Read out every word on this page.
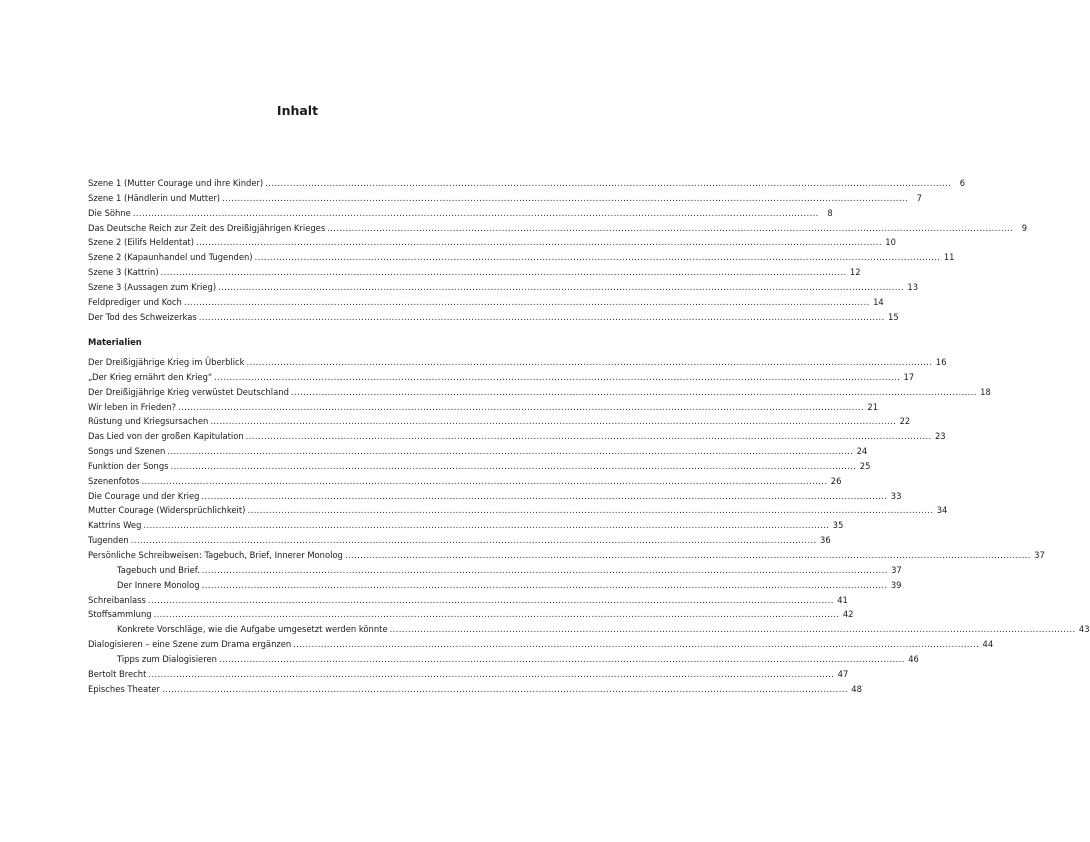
Inhalt
Szene 1 (Mutter Courage und ihre Kinder) .....	6
Szene 1 (Händlerin und Mutter) .....	7
Die Söhne .....	8
Das Deutsche Reich zur Zeit des Dreißigjährigen Krieges .....	9
Szene 2 (Eilifs Heldentat) .....	10
Szene 2 (Kapaunhandel und Tugenden) .....	11
Szene 3 (Kattrin) .....	12
Szene 3 (Aussagen zum Krieg) .....	13
Feldprediger und Koch .....	14
Der Tod des Schweizerkas .....	15
Materialien
Der Dreißigjährige Krieg im Überblick .....	16
„Der Krieg ernährt den Krieg“ .....	17
Der Dreißigjährige Krieg verwüstet Deutschland .....	18
Wir leben in Frieden? .....	21
Rüstung und Kriegsursachen .....	22
Das Lied von der großen Kapitulation .....	23
Songs und Szenen .....	24
Funktion der Songs .....	25
Szenenfotos .....	26
Die Courage und der Krieg .....	33
Mutter Courage (Widersprüchlichkeit) .....	34
Kattrins Weg .....	35
Tugenden .....	36
Persönliche Schreibweisen: Tagebuch, Brief, Innerer Monolog .....	37
Tagebuch und Brief. .....	37
Der Innere Monolog .....	39
Schreibanlass .....	41
Stoffsammlung .....	42
Konkrete Vorschläge, wie die Aufgabe umgesetzt werden könnte .....	43
Dialogisieren – eine Szene zum Drama ergänzen .....	44
Tipps zum Dialogisieren .....	46
Bertolt Brecht .....	47
Episches Theater .....	48
